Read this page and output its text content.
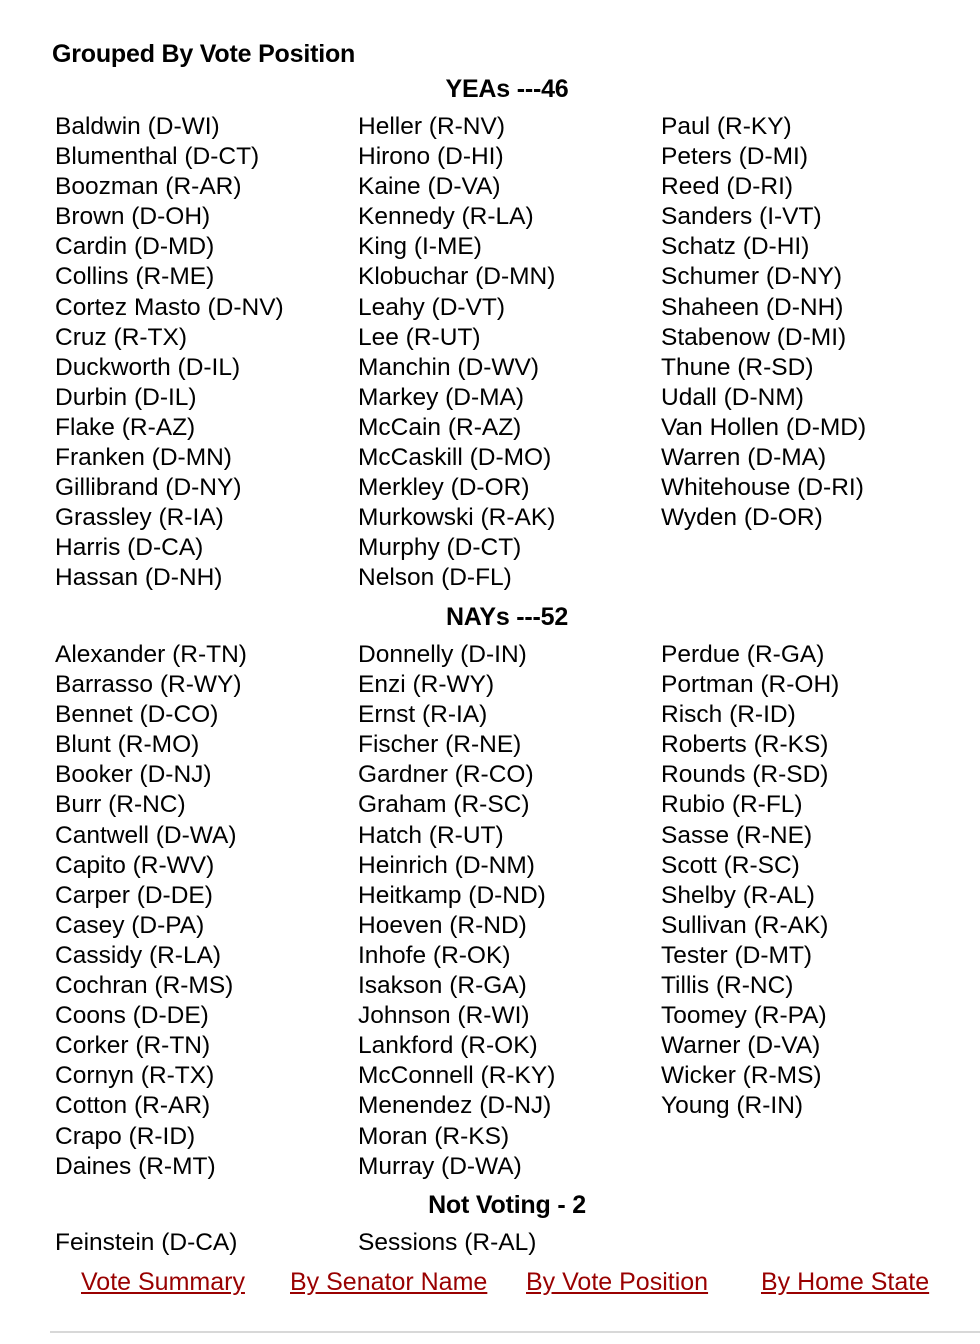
Grouped By Vote Position
YEAs ---46
Baldwin (D-WI)
Blumenthal (D-CT)
Boozman (R-AR)
Brown (D-OH)
Cardin (D-MD)
Collins (R-ME)
Cortez Masto (D-NV)
Cruz (R-TX)
Duckworth (D-IL)
Durbin (D-IL)
Flake (R-AZ)
Franken (D-MN)
Gillibrand (D-NY)
Grassley (R-IA)
Harris (D-CA)
Hassan (D-NH)
Heller (R-NV)
Hirono (D-HI)
Kaine (D-VA)
Kennedy (R-LA)
King (I-ME)
Klobuchar (D-MN)
Leahy (D-VT)
Lee (R-UT)
Manchin (D-WV)
Markey (D-MA)
McCain (R-AZ)
McCaskill (D-MO)
Merkley (D-OR)
Murkowski (R-AK)
Murphy (D-CT)
Nelson (D-FL)
Paul (R-KY)
Peters (D-MI)
Reed (D-RI)
Sanders (I-VT)
Schatz (D-HI)
Schumer (D-NY)
Shaheen (D-NH)
Stabenow (D-MI)
Thune (R-SD)
Udall (D-NM)
Van Hollen (D-MD)
Warren (D-MA)
Whitehouse (D-RI)
Wyden (D-OR)
NAYs ---52
Alexander (R-TN)
Barrasso (R-WY)
Bennet (D-CO)
Blunt (R-MO)
Booker (D-NJ)
Burr (R-NC)
Cantwell (D-WA)
Capito (R-WV)
Carper (D-DE)
Casey (D-PA)
Cassidy (R-LA)
Cochran (R-MS)
Coons (D-DE)
Corker (R-TN)
Cornyn (R-TX)
Cotton (R-AR)
Crapo (R-ID)
Daines (R-MT)
Donnelly (D-IN)
Enzi (R-WY)
Ernst (R-IA)
Fischer (R-NE)
Gardner (R-CO)
Graham (R-SC)
Hatch (R-UT)
Heinrich (D-NM)
Heitkamp (D-ND)
Hoeven (R-ND)
Inhofe (R-OK)
Isakson (R-GA)
Johnson (R-WI)
Lankford (R-OK)
McConnell (R-KY)
Menendez (D-NJ)
Moran (R-KS)
Murray (D-WA)
Perdue (R-GA)
Portman (R-OH)
Risch (R-ID)
Roberts (R-KS)
Rounds (R-SD)
Rubio (R-FL)
Sasse (R-NE)
Scott (R-SC)
Shelby (R-AL)
Sullivan (R-AK)
Tester (D-MT)
Tillis (R-NC)
Toomey (R-PA)
Warner (D-VA)
Wicker (R-MS)
Young (R-IN)
Not Voting - 2
Feinstein (D-CA)	Sessions (R-AL)
Vote Summary By Senator Name By Vote Position By Home State
